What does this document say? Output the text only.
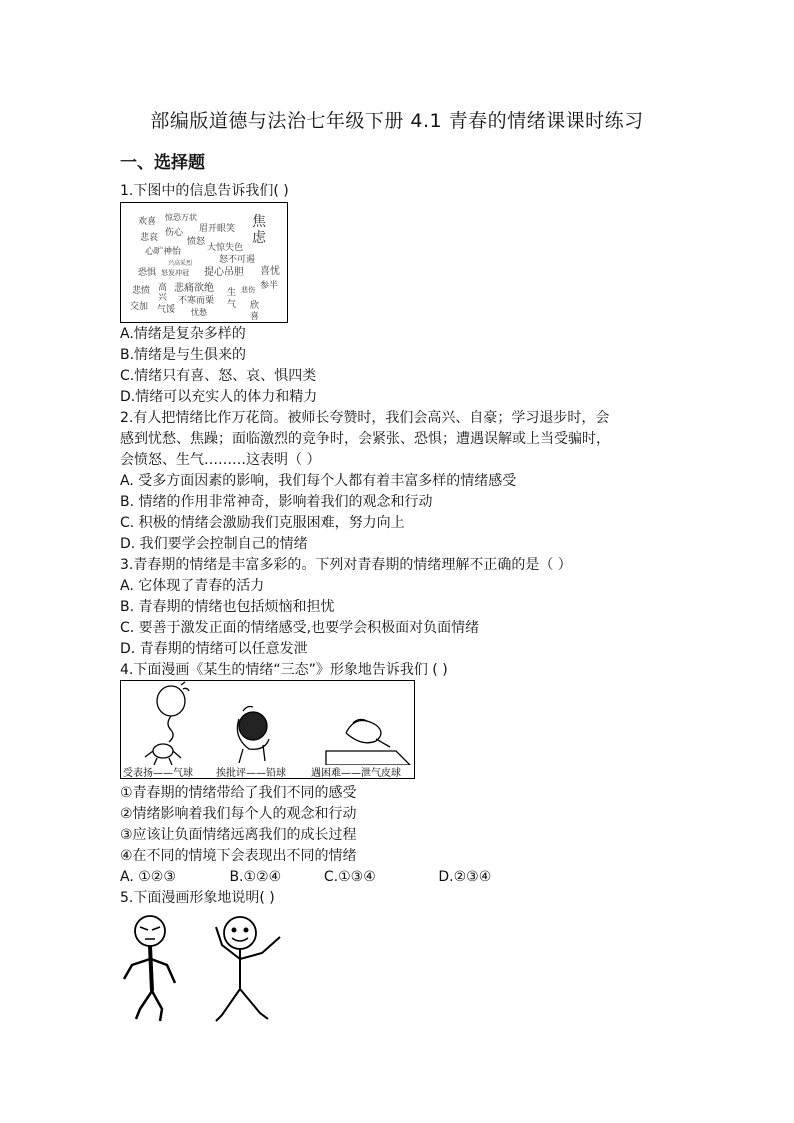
部编版道德与法治七年级下册 4.1 青春的情绪课课时练习
一、选择题
1.下图中的信息告诉我们( )
欢喜 惊恐万状	焦
虑
伤心 眉开眼笑
悲哀	愤怒
大惊失色
心旷神怡
兴高采烈	怒不可遏
恐惧 怒发冲冠 提心吊胆 喜忧
悲痛欲绝	参半
悲愤 高
兴	生 悲伤
交加 气馁	气
不寒而栗	欣
喜
忧愁
A.情绪是复杂多样的
B.情绪是与生俱来的
C.情绪只有喜、怒、哀、惧四类
D.情绪可以充实人的体力和精力
2.有人把情绪比作万花筒。被师长夸赞时，我们会高兴、自豪；学习退步时，会
感到忧愁、焦躁；面临激烈的竞争时，会紧张、恐惧；遭遇误解或上当受骗时，
会愤怒、生气………这表明（ ）
A. 受多方面因素的影响，我们每个人都有着丰富多样的情绪感受
B. 情绪的作用非常神奇，影响着我们的观念和行动
C. 积极的情绪会激励我们克服困难，努力向上
D. 我们要学会控制自己的情绪
3.青春期的情绪是丰富多彩的。下列对青春期的情绪理解不正确的是（ ）
A. 它体现了青春的活力
B. 青春期的情绪也包括烦恼和担忧
C. 要善于激发正面的情绪感受,也要学会积极面对负面情绪
D. 青春期的情绪可以任意发泄
4.下面漫画《某生的情绪“三态”》形象地告诉我们 ( )
受表扬——气球 挨批评——铅球	遇困难——泄气皮球
①青春期的情绪带给了我们不同的感受
②情绪影响着我们每个人的观念和行动
③应该让负面情绪远离我们的成长过程
④在不同的情境下会表现出不同的情绪
A. ①②③	B.①②④	C.①③④	D.②③④
5.下面漫画形象地说明( )
